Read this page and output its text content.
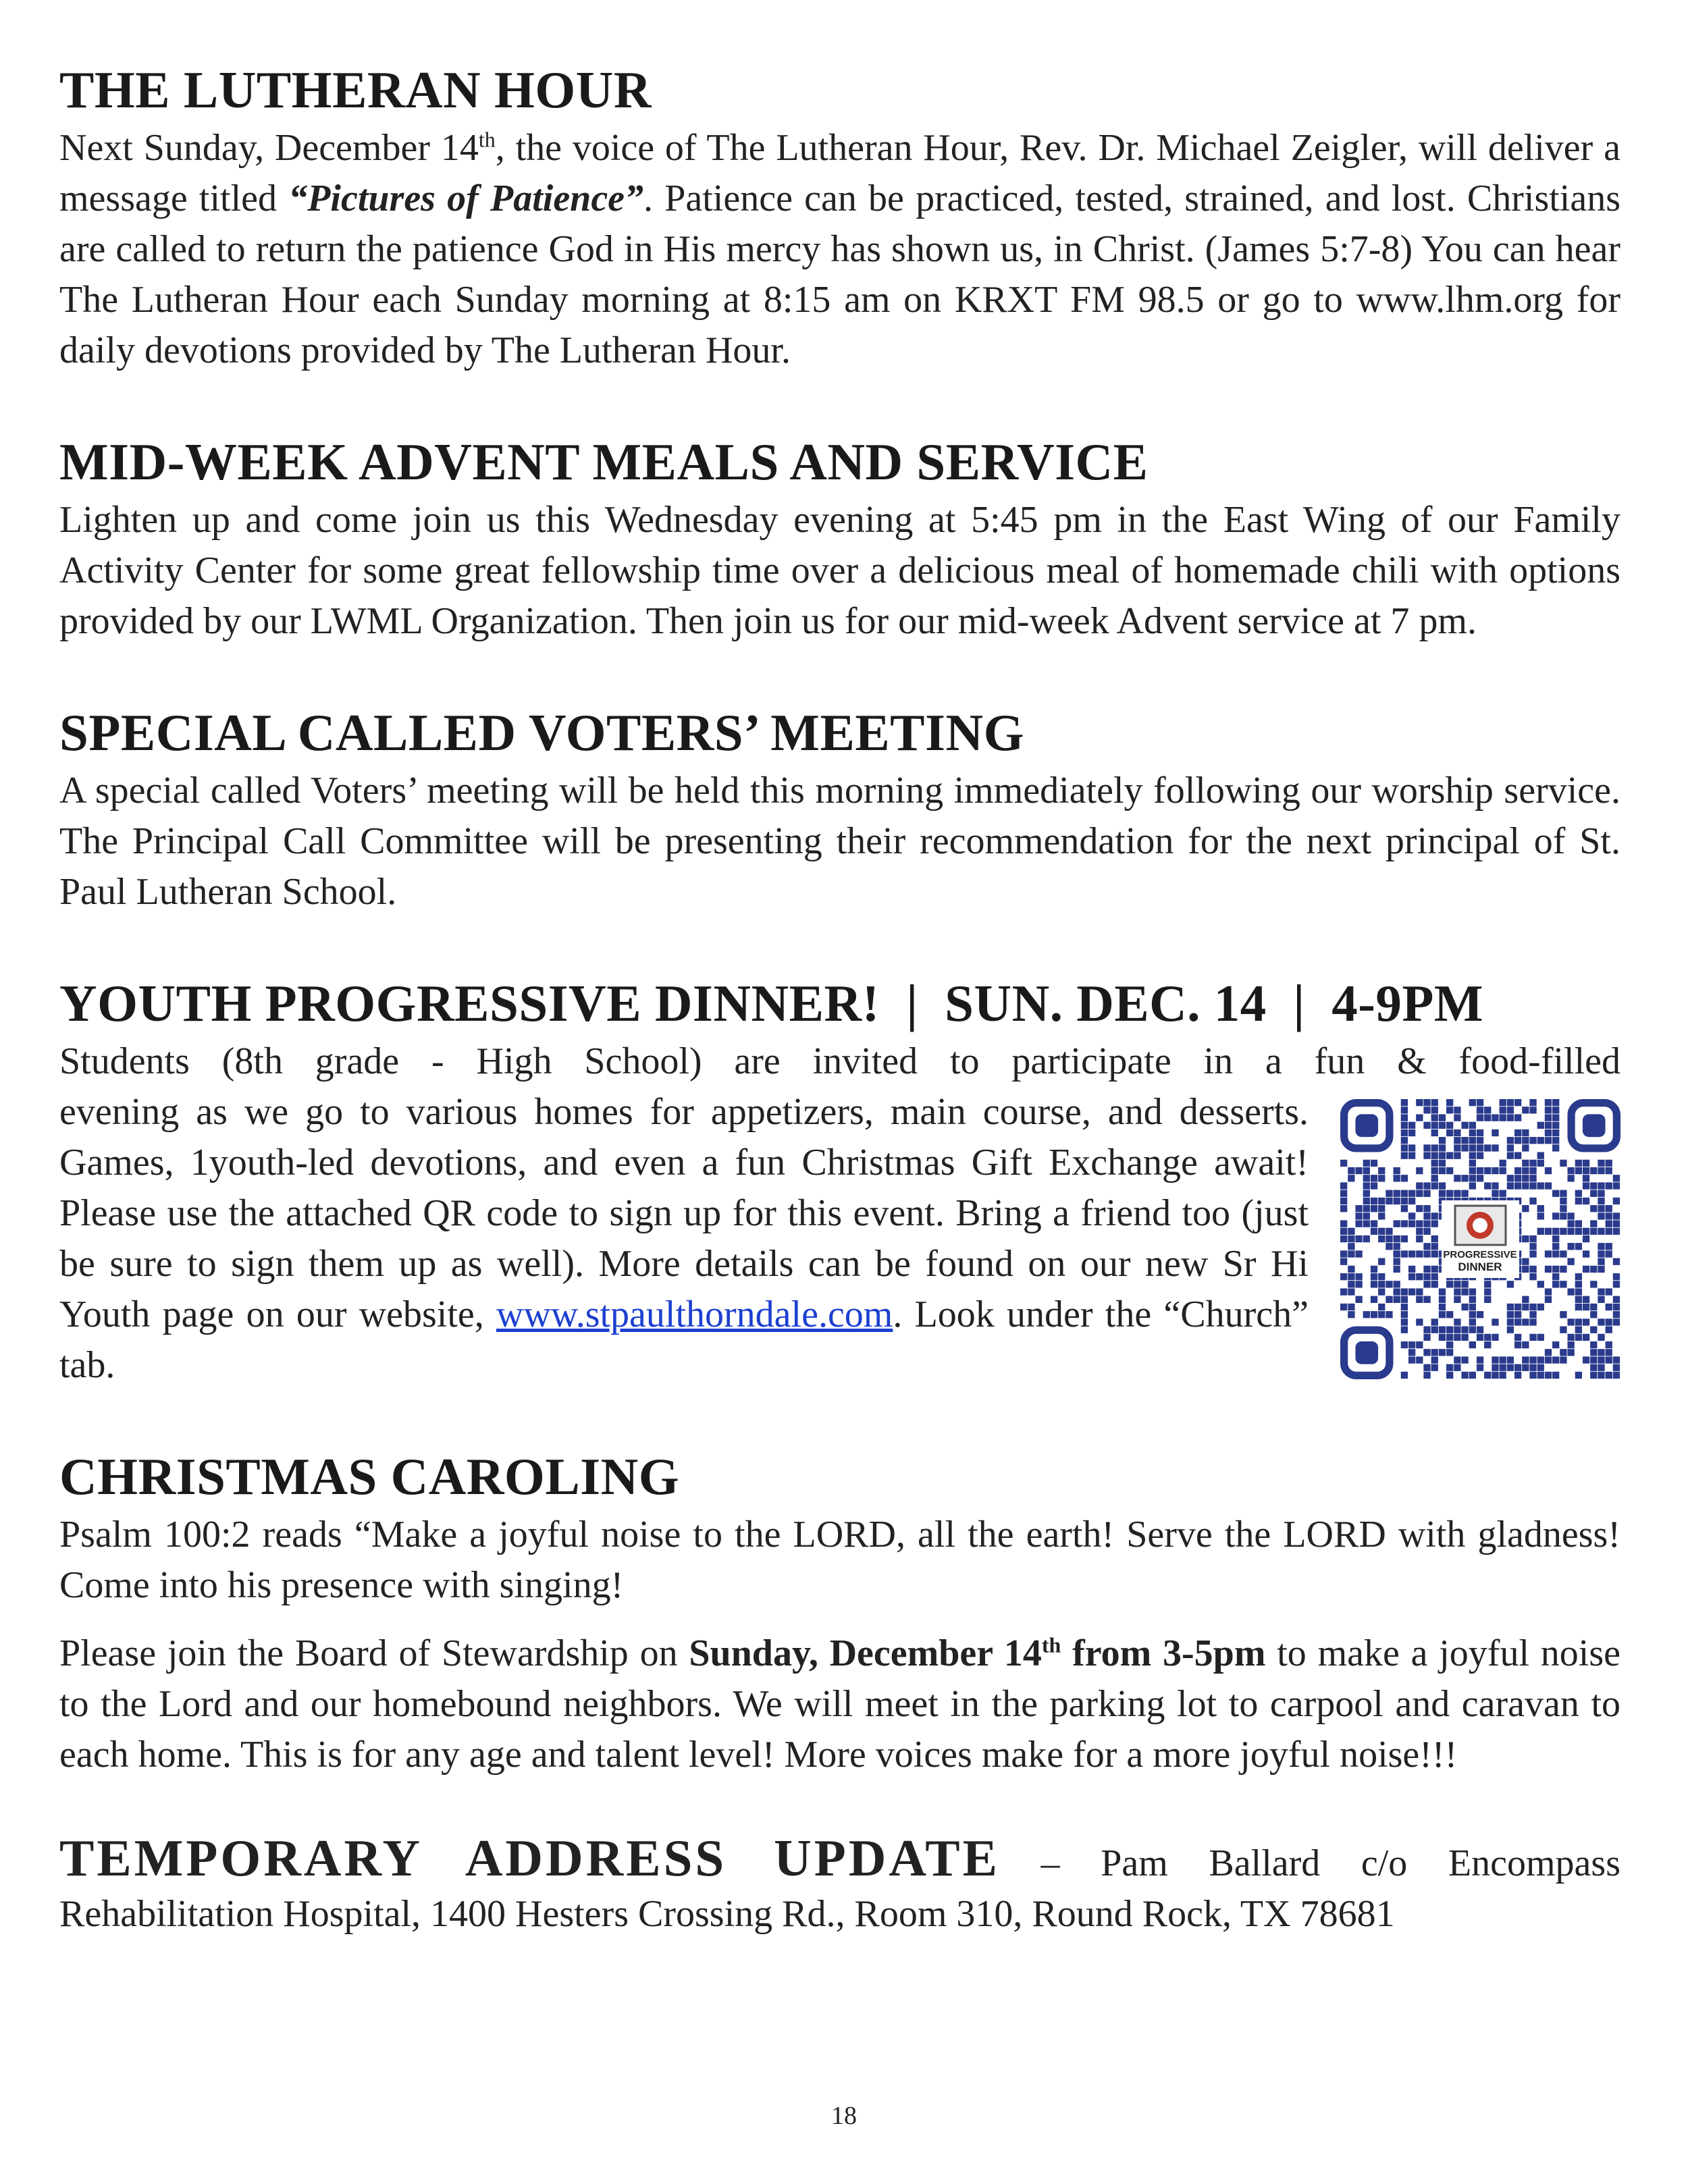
THE LUTHERAN HOUR

Next Sunday, December 14th, the voice of The Lutheran Hour, Rev. Dr. Michael Zeigler, will deliver a message titled “Pictures of Patience”. Patience can be practiced, tested, strained, and lost. Christians are called to return the patience God in His mercy has shown us, in Christ. (James 5:7-8) You can hear The Lutheran Hour each Sunday morning at 8:15 am on KRXT FM 98.5 or go to www.lhm.org for daily devotions provided by The Lutheran Hour.

MID-WEEK ADVENT MEALS AND SERVICE

Lighten up and come join us this Wednesday evening at 5:45 pm in the East Wing of our Family Activity Center for some great fellowship time over a delicious meal of homemade chili with options provided by our LWML Organization. Then join us for our mid-week Advent service at 7 pm.

SPECIAL CALLED VOTERS’ MEETING

A special called Voters’ meeting will be held this morning immediately following our worship service. The Principal Call Committee will be presenting their recommendation for the next principal of St. Paul Lutheran School.

YOUTH PROGRESSIVE DINNER!  |  SUN. DEC. 14  |  4-9PM

Students (8th grade - High School) are invited to participate in a fun & food-filled

evening as we go to various homes for appetizers, main course, and desserts. Games, 1youth-led devotions, and even a fun Christmas Gift Exchange await! Please use the attached QR code to sign up for this event. Bring a friend too (just be sure to sign them up as well). More details can be found on our new Sr Hi Youth page on our website, www.stpaulthorndale.com. Look under the “Church” tab.

PROGRESSIVE
DINNER
CHRISTMAS CAROLING

Psalm 100:2 reads “Make a joyful noise to the LORD, all the earth! Serve the LORD with gladness! Come into his presence with singing!

Please join the Board of Stewardship on Sunday, December 14th from 3-5pm to make a joyful noise to the Lord and our homebound neighbors. We will meet in the parking lot to carpool and caravan to each home. This is for any age and talent level! More voices make for a more joyful noise!!!

TEMPORARY ADDRESS UPDATE – Pam Ballard c/o Encompass

Rehabilitation Hospital, 1400 Hesters Crossing Rd., Room 310, Round Rock, TX 78681

18
